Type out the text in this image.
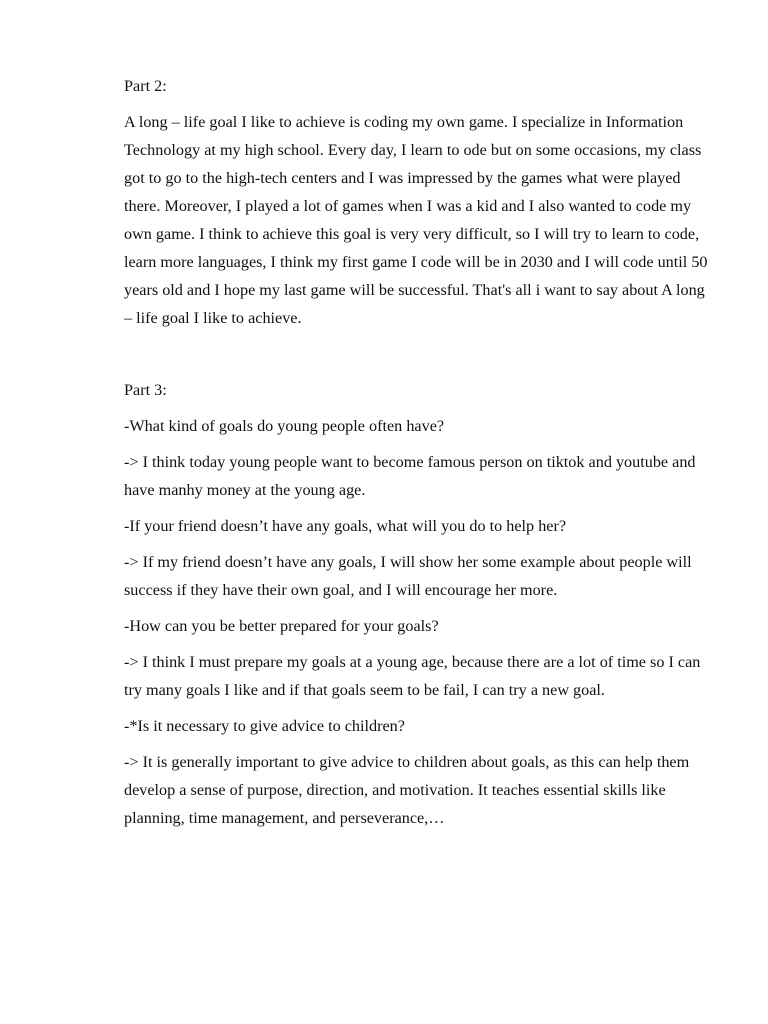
Part 2:

A long – life goal I like to achieve is coding my own game. I specialize in Information Technology at my high school. Every day, I learn to ode but on some occasions, my class got to go to the high-tech centers and I was impressed by the games what were played there. Moreover, I played a lot of games when I was a kid and I also wanted to code my own game. I think to achieve this goal is very very difficult, so I will try to learn to code, learn more languages, I think my first game I code will be in 2030 and I will code until 50 years old and I hope my last game will be successful. That's all i want to say about A long – life goal I like to achieve.

Part 3:

-What kind of goals do young people often have?

-> I think today young people want to become famous person on tiktok and youtube and have manhy money at the young age.

-If your friend doesn’t have any goals, what will you do to help her?

-> If my friend doesn’t have any goals, I will show her some example about people will success if they have their own goal, and I will encourage her more.

-How can you be better prepared for your goals?

-> I think I must prepare my goals at a young age, because there are a lot of time so I can try many goals I like and if that goals seem to be fail, I can try a new goal.

-*Is it necessary to give advice to children?

-> It is generally important to give advice to children about goals, as this can help them develop a sense of purpose, direction, and motivation. It teaches essential skills like planning, time management, and perseverance,…
